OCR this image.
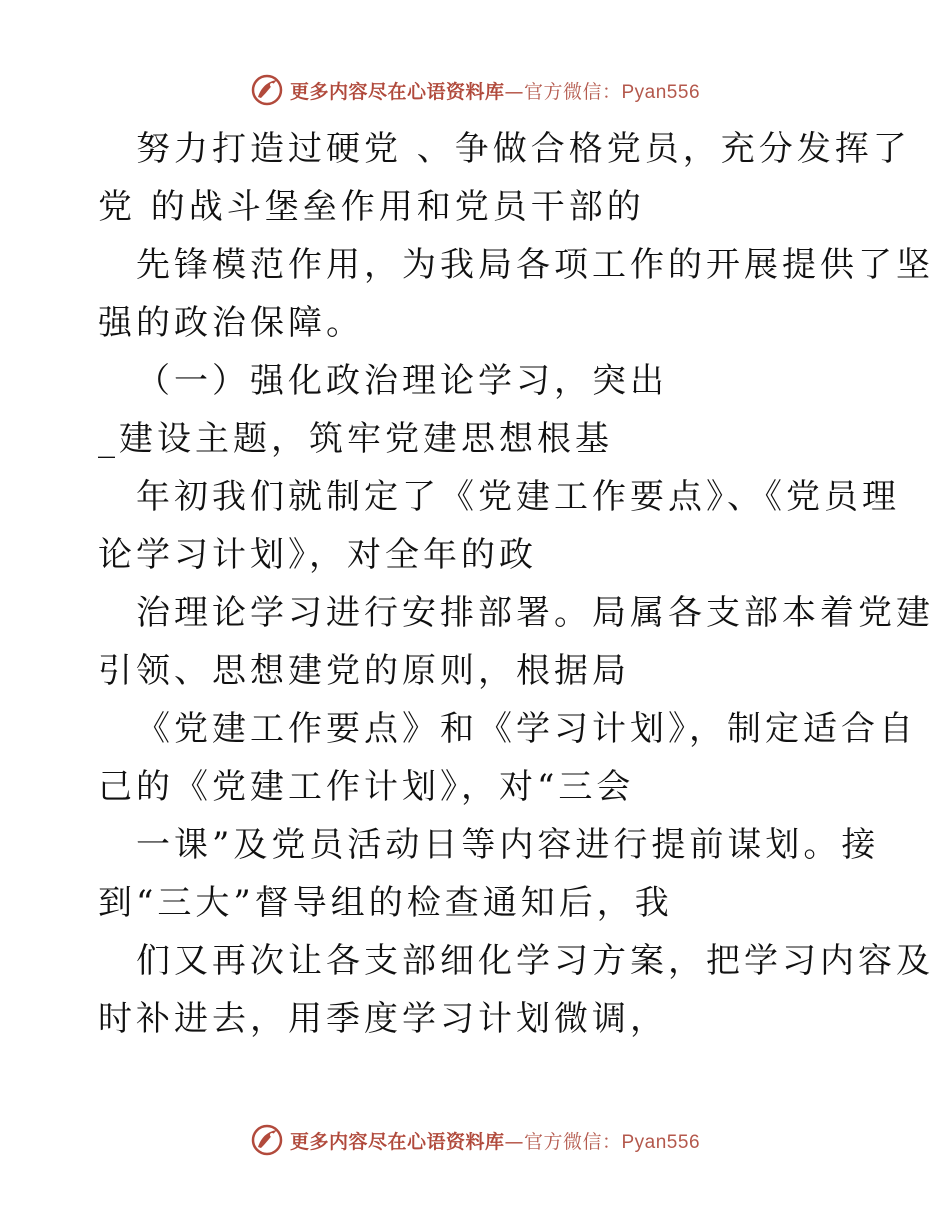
更多内容尽在心语资料库—官方微信：Pyan556
努力打造过硬党 、争做合格党员，充分发挥了
党 的战斗堡垒作用和党员干部的
先锋模范作用，为我局各项工作的开展提供了坚
强的政治保障。
（一）强化政治理论学习，突出
_建设主题，筑牢党建思想根基
年初我们就制定了《党建工作要点》、《党员理
论学习计划》，对全年的政
治理论学习进行安排部署。局属各支部本着党建
引领、思想建党的原则，根据局
《党建工作要点》和《学习计划》，制定适合自
己的《党建工作计划》，对“三会
一课”及党员活动日等内容进行提前谋划。接
到“三大”督导组的检查通知后，我
们又再次让各支部细化学习方案，把学习内容及
时补进去，用季度学习计划微调，
更多内容尽在心语资料库—官方微信：Pyan556
